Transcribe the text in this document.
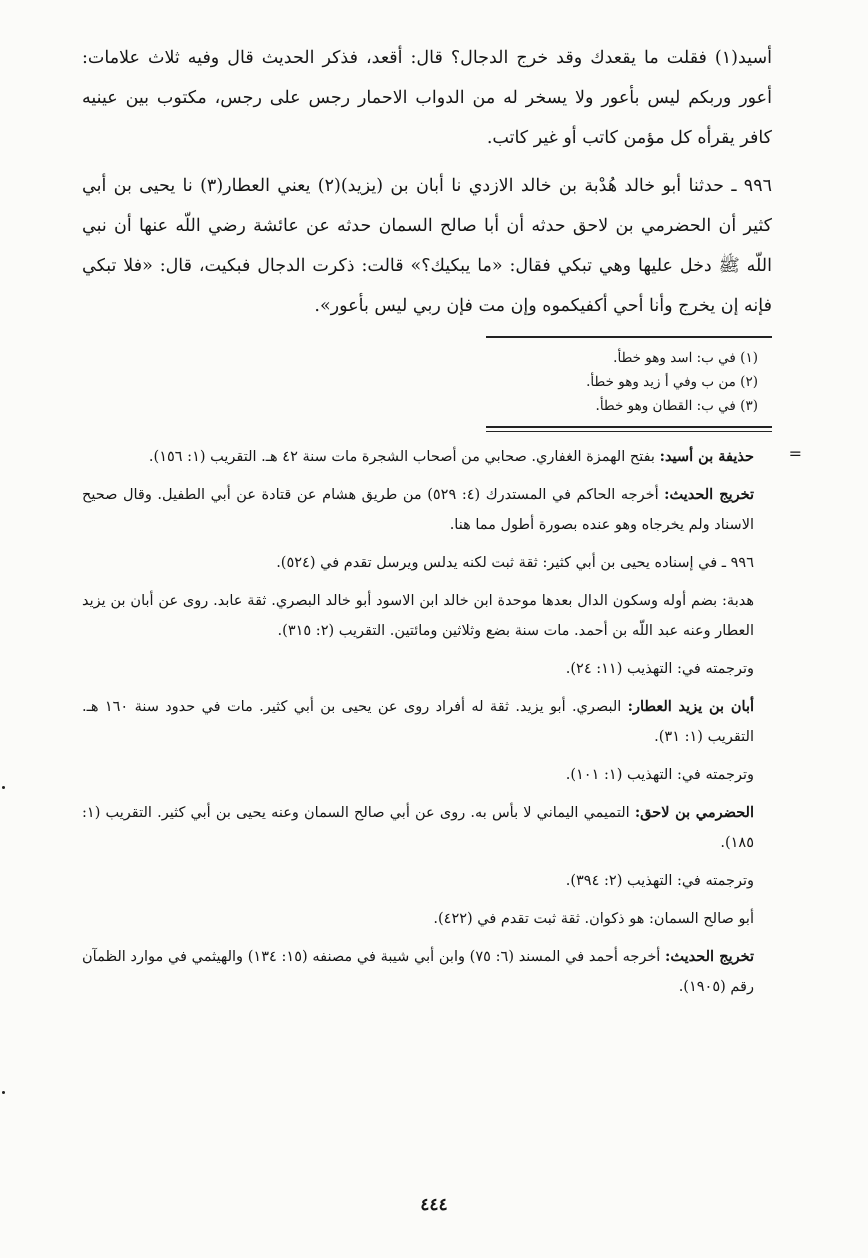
أسيد(١) فقلت ما يقعدك وقد خرج الدجال؟ قال: أقعد، فذكر الحديث قال وفيه ثلاث علامات: أعور وربكم ليس بأعور ولا يسخر له من الدواب الاحمار رجس على رجس، مكتوب بين عينيه كافر يقرأه كل مؤمن كاتب أو غير كاتب.

٩٩٦ ـ حدثنا أبو خالد هُدْبة بن خالد الازدي نا أبان بن (يزيد)(٢) يعني العطار(٣) نا يحيى بن أبي كثير أن الحضرمي بن لاحق حدثه أن أبا صالح السمان حدثه عن عائشة رضي اللّه عنها أن نبي اللّه ﷺ دخل عليها وهي تبكي فقال: «ما يبكيك؟» قالت: ذكرت الدجال فبكيت، قال: «فلا تبكي فإنه إن يخرج وأنا أحي أكفيكموه وإن مت فإن ربي ليس بأعور».

(١) في ب: اسد وهو خطأ.

(٢) من ب وفي أ زيد وهو خطأ.

(٣) في ب: القطان وهو خطأ.

=

حذيفة بن أسيد: بفتح الهمزة الغفاري. صحابي من أصحاب الشجرة مات سنة ٤٢ هـ. التقريب (١: ١٥٦).

تخريج الحديث: أخرجه الحاكم في المستدرك (٤: ٥٢٩) من طريق هشام عن قتادة عن أبي الطفيل. وقال صحيح الاسناد ولم يخرجاه وهو عنده بصورة أطول مما هنا.

٩٩٦ ـ في إسناده يحيى بن أبي كثير: ثقة ثبت لكنه يدلس ويرسل تقدم في (٥٢٤).

هدبة: بضم أوله وسكون الدال بعدها موحدة ابن خالد ابن الاسود أبو خالد البصري. ثقة عابد. روى عن أبان بن يزيد العطار وعنه عبد اللّه بن أحمد. مات سنة بضع وثلاثين ومائتين. التقريب (٢: ٣١٥).

وترجمته في: التهذيب (١١: ٢٤).

أبان بن يزيد العطار: البصري. أبو يزيد. ثقة له أفراد روى عن يحيى بن أبي كثير. مات في حدود سنة ١٦٠ هـ. التقريب (١: ٣١).

وترجمته في: التهذيب (١: ١٠١).

الحضرمي بن لاحق: التميمي اليماني لا بأس به. روى عن أبي صالح السمان وعنه يحيى بن أبي كثير. التقريب (١: ١٨٥).

وترجمته في: التهذيب (٢: ٣٩٤).

أبو صالح السمان: هو ذكوان. ثقة ثبت تقدم في (٤٢٢).

تخريج الحديث: أخرجه أحمد في المسند (٦: ٧٥) وابن أبي شيبة في مصنفه (١٥: ١٣٤) والهيثمي في موارد الظمآن رقم (١٩٠٥).

٤٤٤
